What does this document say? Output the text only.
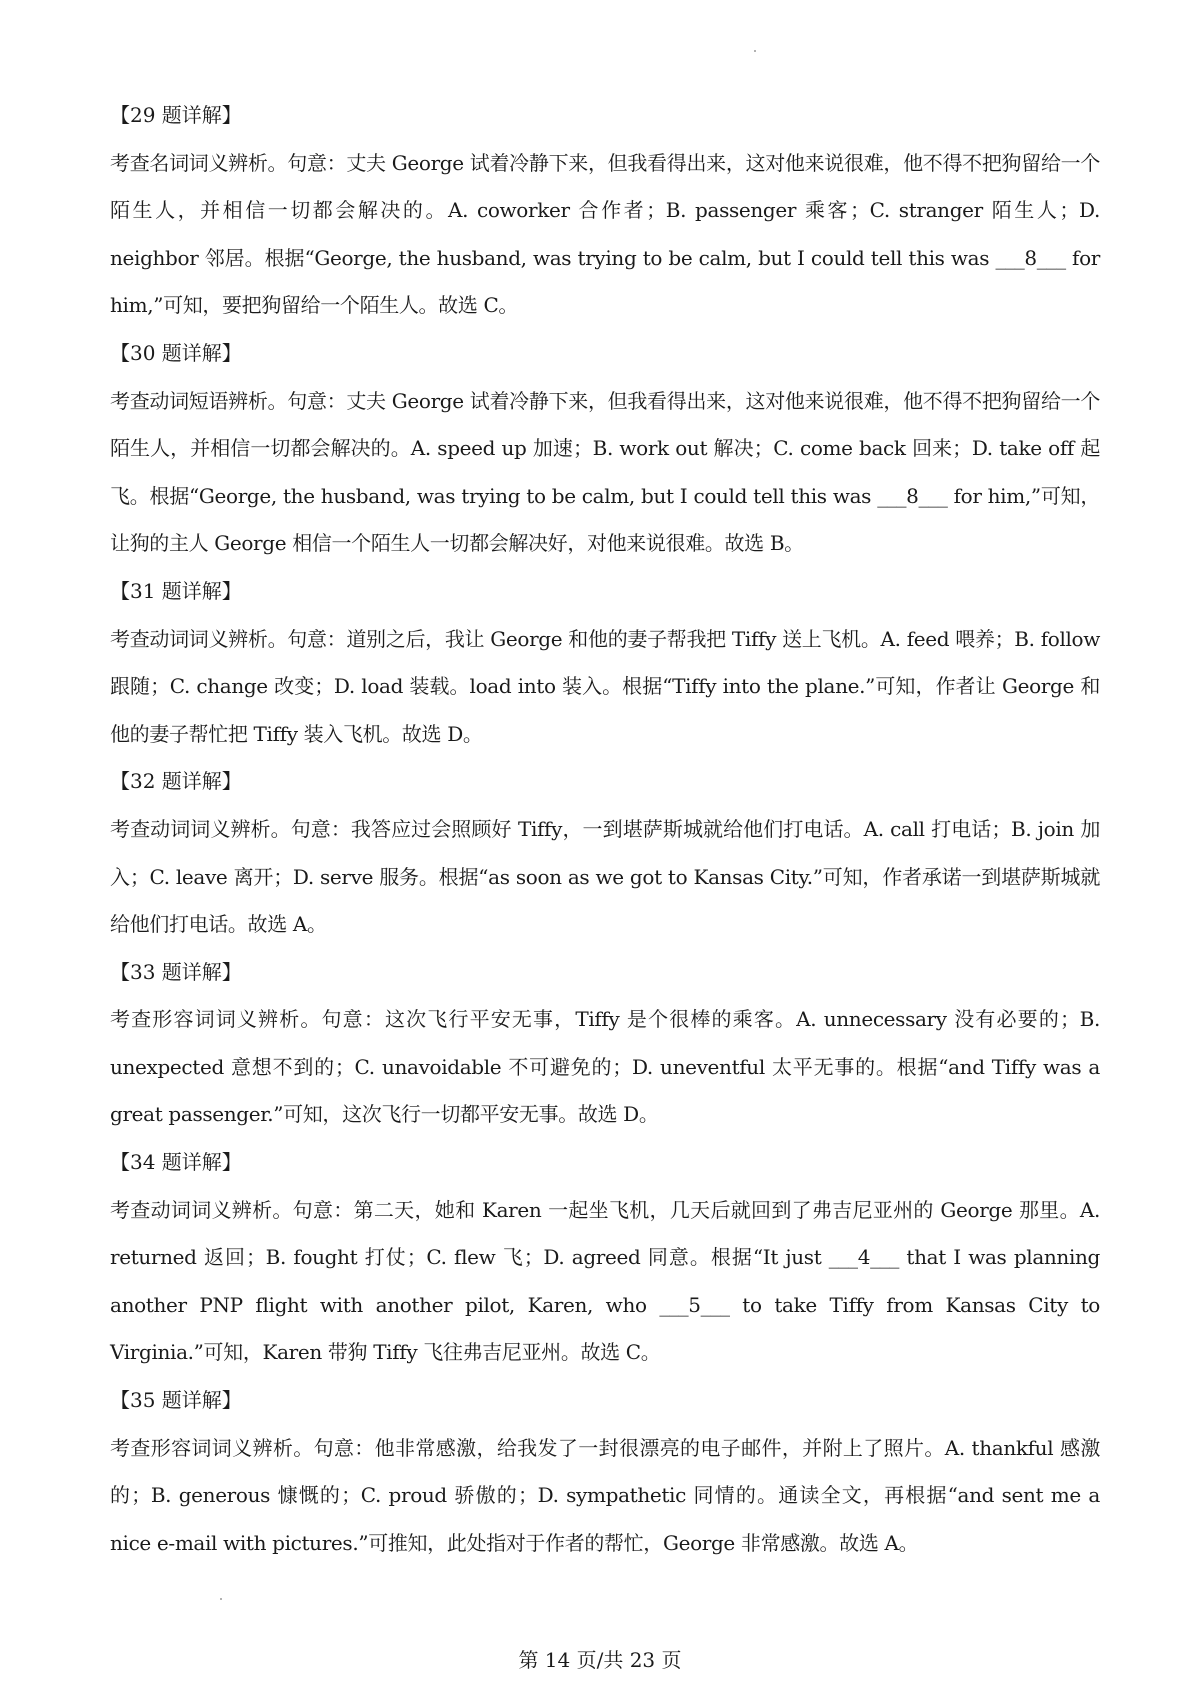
【29 题详解】

考查名词词义辨析。句意：丈夫 George 试着冷静下来，但我看得出来，这对他来说很难，他不得不把狗留给一个陌生人，并相信一切都会解决的。A. coworker 合作者；B. passenger 乘客；C. stranger 陌生人；D. neighbor 邻居。根据“George, the husband, was trying to be calm, but I could tell this was ___8___ for him,”可知，要把狗留给一个陌生人。故选 C。

【30 题详解】

考查动词短语辨析。句意：丈夫 George 试着冷静下来，但我看得出来，这对他来说很难，他不得不把狗留给一个陌生人，并相信一切都会解决的。A. speed up 加速；B. work out 解决；C. come back 回来；D. take off 起飞。根据“George, the husband, was trying to be calm, but I could tell this was ___8___ for him,”可知，让狗的主人 George 相信一个陌生人一切都会解决好，对他来说很难。故选 B。

【31 题详解】

考查动词词义辨析。句意：道别之后，我让 George 和他的妻子帮我把 Tiffy 送上飞机。A. feed 喂养；B. follow 跟随；C. change 改变；D. load 装载。load into 装入。根据“Tiffy into the plane.”可知，作者让 George 和他的妻子帮忙把 Tiffy 装入飞机。故选 D。

【32 题详解】

考查动词词义辨析。句意：我答应过会照顾好 Tiffy，一到堪萨斯城就给他们打电话。A. call 打电话；B. join 加入；C. leave 离开；D. serve 服务。根据“as soon as we got to Kansas City.”可知，作者承诺一到堪萨斯城就给他们打电话。故选 A。

【33 题详解】

考查形容词词义辨析。句意：这次飞行平安无事，Tiffy 是个很棒的乘客。A. unnecessary 没有必要的；B. unexpected 意想不到的；C. unavoidable 不可避免的；D. uneventful 太平无事的。根据“and Tiffy was a great passenger.”可知，这次飞行一切都平安无事。故选 D。

【34 题详解】

考查动词词义辨析。句意：第二天，她和 Karen 一起坐飞机，几天后就回到了弗吉尼亚州的 George 那里。A. returned 返回；B. fought 打仗；C. flew 飞；D. agreed 同意。根据“It just ___4___ that I was planning another PNP flight with another pilot, Karen, who ___5___ to take Tiffy from Kansas City to Virginia.”可知，Karen 带狗 Tiffy 飞往弗吉尼亚州。故选 C。

【35 题详解】

考查形容词词义辨析。句意：他非常感激，给我发了一封很漂亮的电子邮件，并附上了照片。A. thankful 感激的；B. generous 慷慨的；C. proud 骄傲的；D. sympathetic 同情的。通读全文，再根据“and sent me a nice e-mail with pictures.”可推知，此处指对于作者的帮忙，George 非常感激。故选 A。

第 14 页/共 23 页
